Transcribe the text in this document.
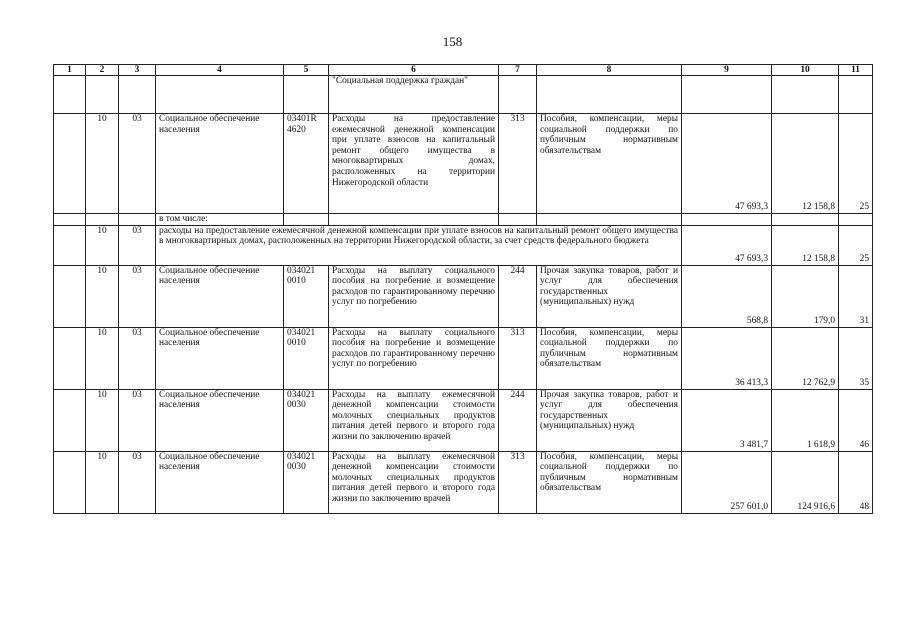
158
1	2	3	4	5	6	7	8	9	10	11
					"Социальная поддержка граждан"					
	10	03	Социальное обеспечение населения	03401R 4620	Расходы на предоставление ежемесячной денежной компенсации при уплате взносов на капитальный ремонт общего имущества в многоквартирных домах, расположенных на территории Нижегородской области	313	Пособия, компенсации, меры социальной поддержки по публичным нормативным обязательствам	47 693,3	12 158,8	25
			в том числе:							
	10	03	расходы на предоставление ежемесячной денежной компенсации при уплате взносов на капитальный ремонт общего имущества в многоквартирных домах, расположенных на территории Нижегородской области, за счет средств федерального бюджета					47 693,3	12 158,8	25
	10	03	Социальное обеспечение населения	034021 0010	Расходы на выплату социального пособия на погребение и возмещение расходов по гарантированному перечню услуг по погребению	244	Прочая закупка товаров, работ и услуг для обеспечения государственных (муниципальных) нужд	568,8	179,0	31
	10	03	Социальное обеспечение населения	034021 0010	Расходы на выплату социального пособия на погребение и возмещение расходов по гарантированному перечню услуг по погребению	313	Пособия, компенсации, меры социальной поддержки по публичным нормативным обязательствам	36 413,3	12 762,9	35
	10	03	Социальное обеспечение населения	034021 0030	Расходы на выплату ежемесячной денежной компенсации стоимости молочных специальных продуктов питания детей первого и второго года жизни по заключению врачей	244	Прочая закупка товаров, работ и услуг для обеспечения государственных (муниципальных) нужд	3 481,7	1 618,9	46
	10	03	Социальное обеспечение населения	034021 0030	Расходы на выплату ежемесячной денежной компенсации стоимости молочных специальных продуктов питания детей первого и второго года жизни по заключению врачей	313	Пособия, компенсации, меры социальной поддержки по публичным нормативным обязательствам	257 601,0	124 916,6	48
